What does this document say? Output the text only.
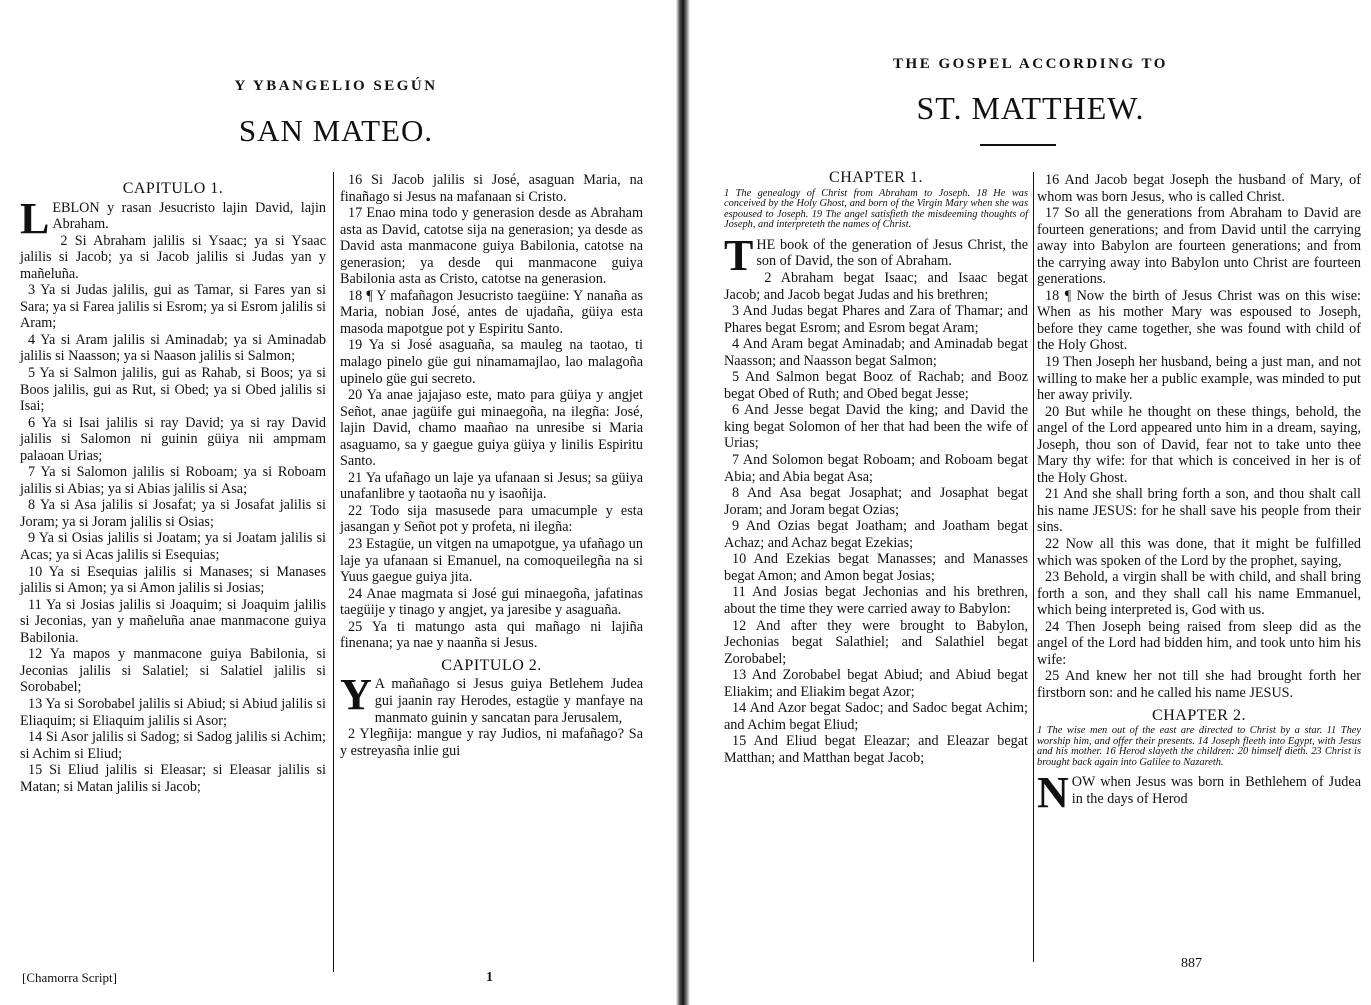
Y YBANGELIO SEGÚN
SAN MATEO.
CAPITULO 1.

LEBLON y rasan Jesucristo lajin David, lajin Abraham.

2 Si Abraham jalilis si Ysaac; ya si Ysaac jalilis si Jacob; ya si Jacob jalilis si Judas yan y mañeluña.

3 Ya si Judas jalilis, gui as Tamar, si Fares yan si Sara; ya si Farea jalilis si Esrom; ya si Esrom jalilis si Aram;

4 Ya si Aram jalilis si Aminadab; ya si Aminadab jalilis si Naasson; ya si Naason jalilis si Salmon;

5 Ya si Salmon jalilis, gui as Rahab, si Boos; ya si Boos jalilis, gui as Rut, si Obed; ya si Obed jalilis si Isai;

6 Ya si Isai jalilis si ray David; ya si ray David jalilis si Salomon ni guinin güiya nii ampmam palaoan Urias;

7 Ya si Salomon jalilis si Roboam; ya si Roboam jalilis si Abias; ya si Abias jalilis si Asa;

8 Ya si Asa jalilis si Josafat; ya si Josafat jalilis si Joram; ya si Joram jalilis si Osias;

9 Ya si Osias jalilis si Joatam; ya si Joatam jalilis si Acas; ya si Acas jalilis si Esequias;

10 Ya si Esequias jalilis si Manases; si Manases jalilis si Amon; ya si Amon jalilis si Josias;

11 Ya si Josias jalilis si Joaquim; si Joaquim jalilis si Jeconias, yan y mañeluña anae manmacone guiya Babilonia.

12 Ya mapos y manmacone guiya Babilonia, si Jeconias jalilis si Salatiel; si Salatiel jalilis si Sorobabel;

13 Ya si Sorobabel jalilis si Abiud; si Abiud jalilis si Eliaquim; si Eliaquim jalilis si Asor;

14 Si Asor jalilis si Sadog; si Sadog jalilis si Achim; si Achim si Eliud;

15 Si Eliud jalilis si Eleasar; si Eleasar jalilis si Matan; si Matan jalilis si Jacob;

16 Si Jacob jalilis si José, asaguan Maria, na finañago si Jesus na mafanaan si Cristo.

17 Enao mina todo y generasion desde as Abraham asta as David, catotse sija na generasion; ya desde as David asta manmacone guiya Babilonia, catotse na generasion; ya desde qui manmacone guiya Babilonia asta as Cristo, catotse na generasion.

18 ¶ Y mafañagon Jesucristo taegüine: Y nanaña as Maria, nobian José, antes de ujadaña, güiya esta masoda mapotgue pot y Espiritu Santo.

19 Ya si José asaguaña, sa mauleg na taotao, ti malago pinelo güe gui ninamamajlao, lao malagoña upinelo güe gui secreto.

20 Ya anae jajajaso este, mato para güiya y angjet Señot, anae jagüife gui minaegoña, na ilegña: José, lajin David, chamo maañao na unresibe si Maria asaguamo, sa y gaegue guiya güiya y linilis Espiritu Santo.

21 Ya ufañago un laje ya ufanaan si Jesus; sa güiya unafanlibre y taotaoña nu y isaoñija.

22 Todo sija masusede para umacumple y esta jasangan y Señot pot y profeta, ni ilegña:

23 Estagüe, un vitgen na umapotgue, ya ufañago un laje ya ufanaan si Emanuel, na comoqueilegña na si Yuus gaegue guiya jita.

24 Anae magmata si José gui minaegoña, jafatinas taegüije y tinago y angjet, ya jaresibe y asaguaña.

25 Ya ti matungo asta qui mañago ni lajiña finenana; ya nae y naanña si Jesus.

CAPITULO 2.

Y A mañañago si Jesus guiya Betlehem Judea gui jaanin ray Herodes, estagüe y manfaye na manmato guinin y sancatan para Jerusalem,

2 Ylegñija: mangue y ray Judios, ni mafañago? Sa y estreyasña inlie gui

[Chamorra Script]	1
THE GOSPEL ACCORDING TO
ST. MATTHEW.
CHAPTER 1.
1 The genealogy of Christ from Abraham to Joseph. 18 He was conceived by the Holy Ghost, and born of the Virgin Mary when she was espoused to Joseph. 19 The angel satisfieth the misdeeming thoughts of Joseph, and interpreteth the names of Christ.

THE book of the generation of Jesus Christ, the son of David, the son of Abraham.

2 Abraham begat Isaac; and Isaac begat Jacob; and Jacob begat Judas and his brethren;

3 And Judas begat Phares and Zara of Thamar; and Phares begat Esrom; and Esrom begat Aram;

4 And Aram begat Aminadab; and Aminadab begat Naasson; and Naasson begat Salmon;

5 And Salmon begat Booz of Rachab; and Booz begat Obed of Ruth; and Obed begat Jesse;

6 And Jesse begat David the king; and David the king begat Solomon of her that had been the wife of Urias;

7 And Solomon begat Roboam; and Roboam begat Abia; and Abia begat Asa;

8 And Asa begat Josaphat; and Josaphat begat Joram; and Joram begat Ozias;

9 And Ozias begat Joatham; and Joatham begat Achaz; and Achaz begat Ezekias;

10 And Ezekias begat Manasses; and Manasses begat Amon; and Amon begat Josias;

11 And Josias begat Jechonias and his brethren, about the time they were carried away to Babylon:

12 And after they were brought to Babylon, Jechonias begat Salathiel; and Salathiel begat Zorobabel;

13 And Zorobabel begat Abiud; and Abiud begat Eliakim; and Eliakim begat Azor;

14 And Azor begat Sadoc; and Sadoc begat Achim; and Achim begat Eliud;

15 And Eliud begat Eleazar; and Eleazar begat Matthan; and Matthan begat Jacob;

16 And Jacob begat Joseph the husband of Mary, of whom was born Jesus, who is called Christ.

17 So all the generations from Abraham to David are fourteen generations; and from David until the carrying away into Babylon are fourteen generations; and from the carrying away into Babylon unto Christ are fourteen generations.

18 ¶ Now the birth of Jesus Christ was on this wise: When as his mother Mary was espoused to Joseph, before they came together, she was found with child of the Holy Ghost.

19 Then Joseph her husband, being a just man, and not willing to make her a public example, was minded to put her away privily.

20 But while he thought on these things, behold, the angel of the Lord appeared unto him in a dream, saying, Joseph, thou son of David, fear not to take unto thee Mary thy wife: for that which is conceived in her is of the Holy Ghost.

21 And she shall bring forth a son, and thou shalt call his name JESUS: for he shall save his people from their sins.

22 Now all this was done, that it might be fulfilled which was spoken of the Lord by the prophet, saying,

23 Behold, a virgin shall be with child, and shall bring forth a son, and they shall call his name Emmanuel, which being interpreted is, God with us.

24 Then Joseph being raised from sleep did as the angel of the Lord had bidden him, and took unto him his wife:

25 And knew her not till she had brought forth her firstborn son: and he called his name JESUS.

CHAPTER 2.
1 The wise men out of the east are directed to Christ by a star. 11 They worship him, and offer their presents. 14 Joseph fleeth into Egypt, with Jesus and his mother. 16 Herod slayeth the children: 20 himself dieth. 23 Christ is brought back again into Galilee to Nazareth.

NOW when Jesus was born in Bethlehem of Judea in the days of Herod

887
